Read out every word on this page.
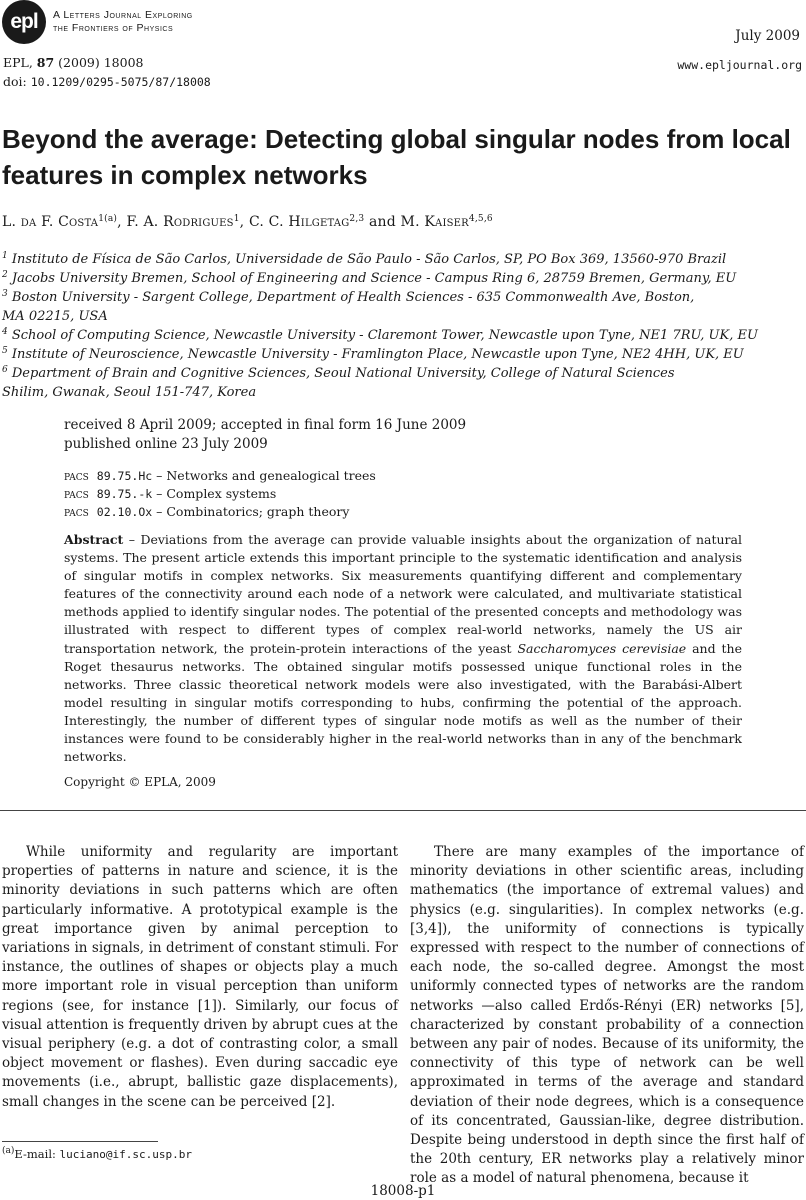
epl A Letters Journal Exploring
the Frontiers of Physics	July 2009
EPL, 87 (2009) 18008
doi: 10.1209/0295-5075/87/18008
www.epljournal.org
Beyond the average: Detecting global singular nodes from local features in complex networks
L. da F. Costa$^{1(a)}$, F. A. Rodrigues$^1$, C. C. Hilgetag$^{2,3}$ and M. Kaiser$^{4,5,6}$
$^1$ Instituto de Física de São Carlos, Universidade de São Paulo - São Carlos, SP, PO Box 369, 13560-970 Brazil
$^2$ Jacobs University Bremen, School of Engineering and Science - Campus Ring 6, 28759 Bremen, Germany, EU
$^3$ Boston University - Sargent College, Department of Health Sciences - 635 Commonwealth Ave, Boston,
MA 02215, USA
$^4$ School of Computing Science, Newcastle University - Claremont Tower, Newcastle upon Tyne, NE1 7RU, UK, EU
$^5$ Institute of Neuroscience, Newcastle University - Framlington Place, Newcastle upon Tyne, NE2 4HH, UK, EU
$^6$ Department of Brain and Cognitive Sciences, Seoul National University, College of Natural Sciences
Shilim, Gwanak, Seoul 151-747, Korea
received 8 April 2009; accepted in final form 16 June 2009
published online 23 July 2009
pacs 89.75.Hc – Networks and genealogical trees
pacs 89.75.-k – Complex systems
pacs 02.10.Ox – Combinatorics; graph theory
Abstract – Deviations from the average can provide valuable insights about the organization of natural systems. The present article extends this important principle to the systematic identification and analysis of singular motifs in complex networks. Six measurements quantifying different and complementary features of the connectivity around each node of a network were calculated, and multivariate statistical methods applied to identify singular nodes. The potential of the presented concepts and methodology was illustrated with respect to different types of complex real-world networks, namely the US air transportation network, the protein-protein interactions of the yeast Saccharomyces cerevisiae and the Roget thesaurus networks. The obtained singular motifs possessed unique functional roles in the networks. Three classic theoretical network models were also investigated, with the Barabási-Albert model resulting in singular motifs corresponding to hubs, confirming the potential of the approach. Interestingly, the number of different types of singular node motifs as well as the number of their instances were found to be considerably higher in the real-world networks than in any of the benchmark networks.
Copyright © EPLA, 2009

While uniformity and regularity are important properties of patterns in nature and science, it is the minority deviations in such patterns which are often particularly informative. A prototypical example is the great importance given by animal perception to variations in signals, in detriment of constant stimuli. For instance, the outlines of shapes or objects play a much more important role in visual perception than uniform regions (see, for instance [1]). Similarly, our focus of visual attention is frequently driven by abrupt cues at the visual periphery (e.g. a dot of contrasting color, a small object movement or flashes). Even during saccadic eye movements (i.e., abrupt, ballistic gaze displacements), small changes in the scene can be perceived [2].

There are many examples of the importance of minority deviations in other scientific areas, including mathematics (the importance of extremal values) and physics (e.g. singularities). In complex networks (e.g. [3,4]), the uniformity of connections is typically expressed with respect to the number of connections of each node, the so-called degree. Amongst the most uniformly connected types of networks are the random networks —also called Erdős-Rényi (ER) networks [5], characterized by constant probability of a connection between any pair of nodes. Because of its uniformity, the connectivity of this type of network can be well approximated in terms of the average and standard deviation of their node degrees, which is a consequence of its concentrated, Gaussian-like, degree distribution. Despite being understood in depth since the first half of the 20th century, ER networks play a relatively minor role as a model of natural phenomena, because it

$^{(a)}$E-mail: luciano@if.sc.usp.br
18008-p1
